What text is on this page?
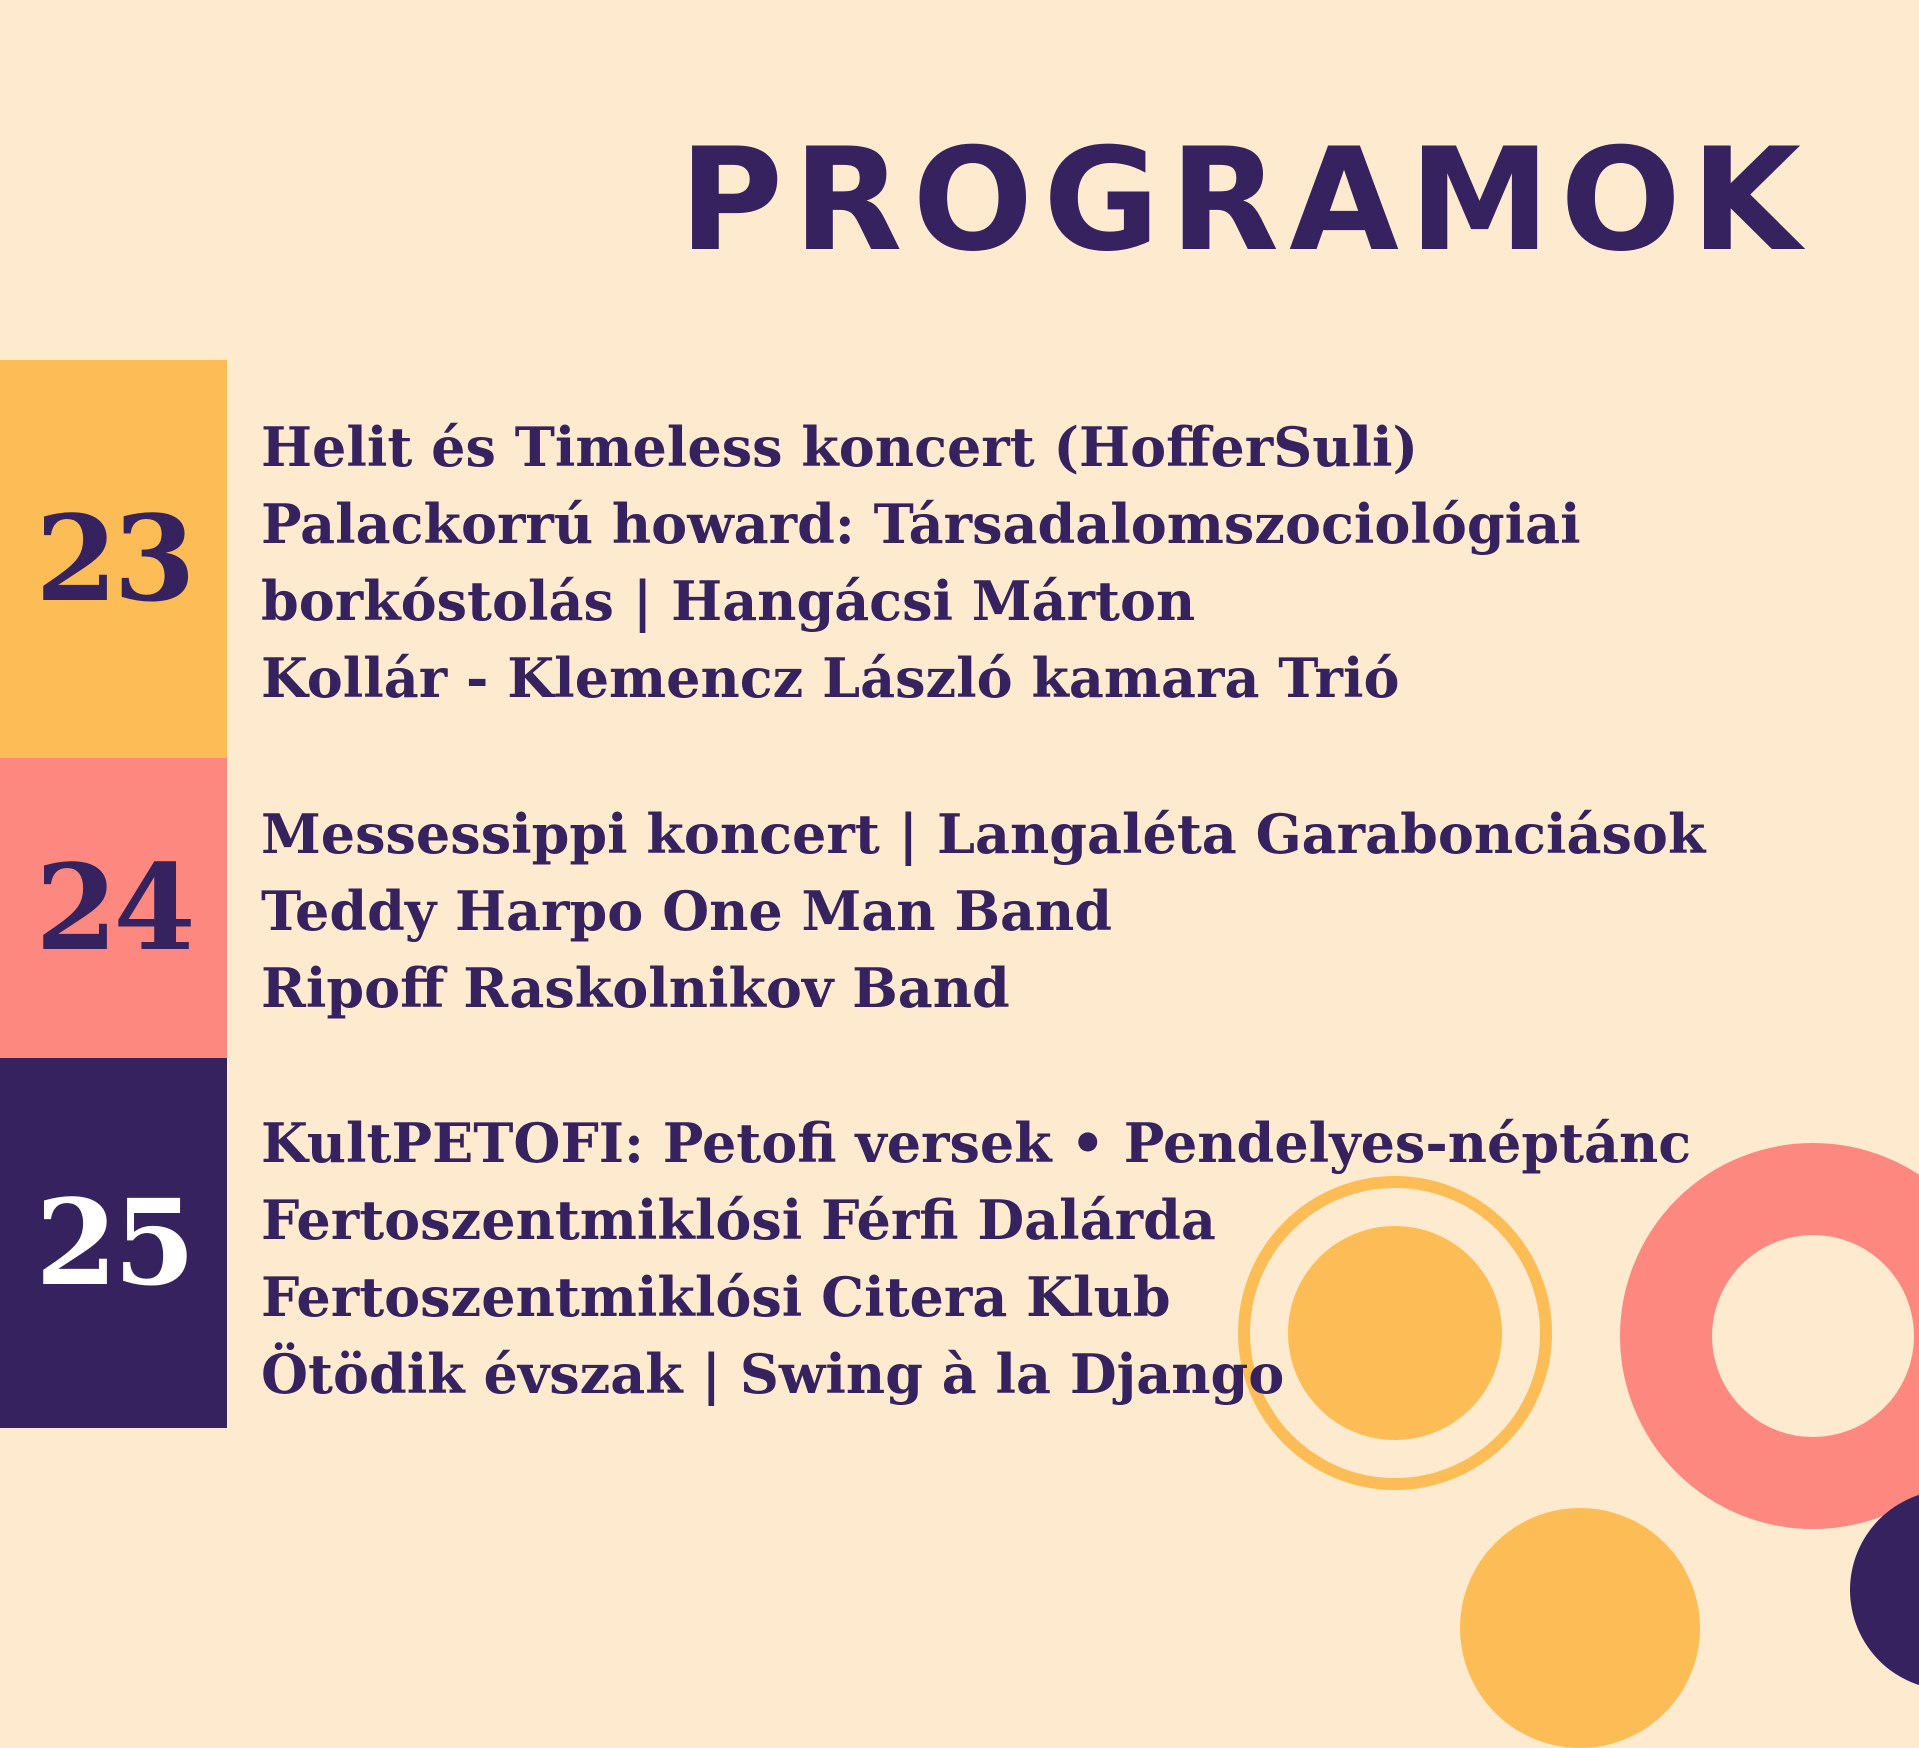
PROGRAMOK
23
Helit és Timeless koncert (HofferSuli)
Palackorrú howard: Társadalomszociológiai
borkóstolás | Hangácsi Márton
Kollár - Klemencz László kamara Trió
24
Messessippi koncert | Langaléta Garabonciások
Teddy Harpo One Man Band
Ripoff Raskolnikov Band
25
KultPETOFI: Petofi versek • Pendelyes-néptánc
Fertoszentmiklósi Férfi Dalárda
Fertoszentmiklósi Citera Klub
Ötödik évszak | Swing à la Django
